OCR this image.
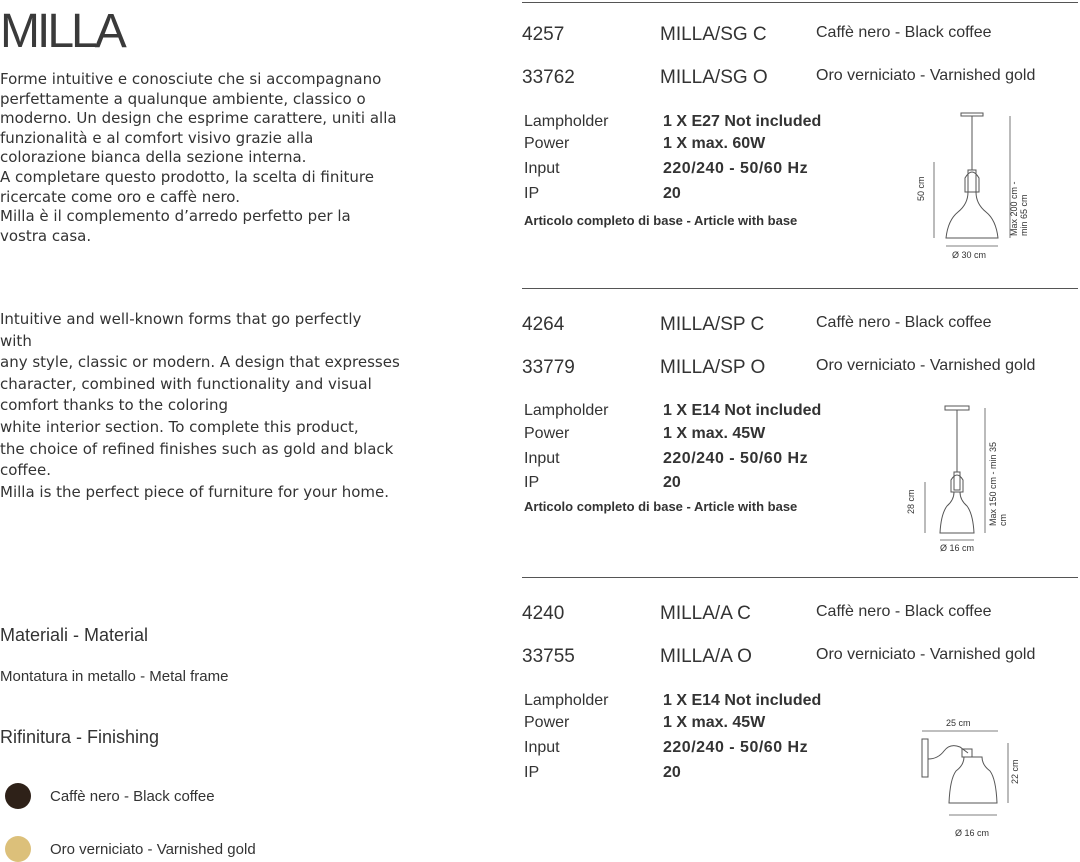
MILLA
Forme intuitive e conosciute che si accompagnano
perfettamente a qualunque ambiente, classico o
moderno. Un design che esprime carattere, uniti alla
funzionalità e al comfort visivo grazie alla
colorazione bianca della sezione interna.
A completare questo prodotto, la scelta di finiture
ricercate come oro e caffè nero.
Milla è il complemento d’arredo perfetto per la
vostra casa.
Intuitive and well-known forms that go perfectly
with
any style, classic or modern. A design that expresses
character, combined with functionality and visual
comfort thanks to the coloring
white interior section. To complete this product,
the choice of refined finishes such as gold and black
coffee.
Milla is the perfect piece of furniture for your home.
Materiali - Material
Montatura in metallo - Metal frame
Rifinitura - Finishing
Caffè nero - Black coffee
Oro verniciato - Varnished gold
4257	MILLA/SG C	Caffè nero - Black coffee
33762	MILLA/SG O	Oro verniciato - Varnished gold
Lampholder	1 X E27 Not included
Power	1 X max. 60W
Input	220/240 - 50/60 Hz
IP	20
Articolo completo di base - Article with base
50 cm	Max 200 cm - min 65 cm
Ø 30 cm
4264	MILLA/SP C	Caffè nero - Black coffee
33779	MILLA/SP O	Oro verniciato - Varnished gold
Lampholder	1 X E14 Not included
Power	1 X max. 45W
Input	220/240 - 50/60 Hz
IP	20
Articolo completo di base - Article with base	28 cm	Max 150 cm - min 35 cm
Ø 16 cm
4240	MILLA/A C	Caffè nero - Black coffee
33755	MILLA/A O	Oro verniciato - Varnished gold
Lampholder	1 X E14 Not included
Power	1 X max. 45W
Input	220/240 - 50/60 Hz
IP	20
25 cm
22 cm
Ø 16 cm
